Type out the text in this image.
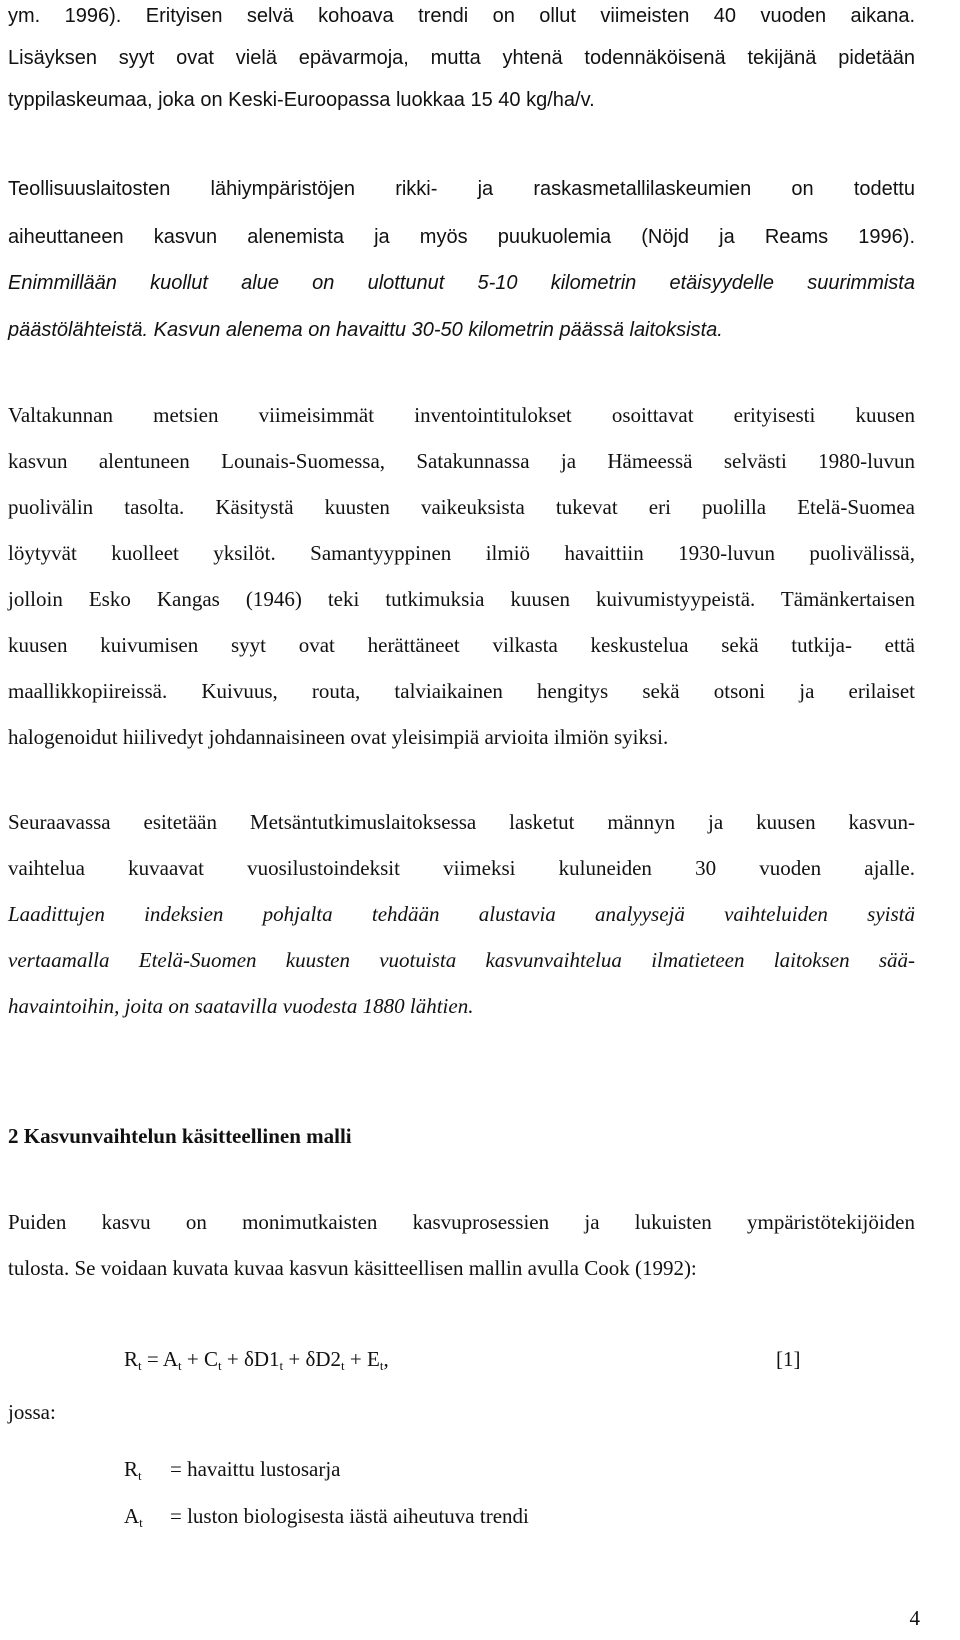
ym. 1996). Erityisen selvä kohoava trendi on ollut viimeisten 40 vuoden aikana.
Lisäyksen syyt ovat vielä epävarmoja, mutta yhtenä todennäköisenä tekijänä pidetään
typpilaskeumaa, joka on Keski-Euroopassa luokkaa 15 40 kg/ha/v.
Teollisuuslaitosten lähiympäristöjen rikki- ja raskasmetallilaskeumien on todettu
aiheuttaneen kasvun alenemista ja myös puukuolemia (Nöjd ja Reams 1996).
Enimmillään kuollut alue on ulottunut 5-10 kilometrin etäisyydelle suurimmista
päästölähteistä. Kasvun alenema on havaittu 30-50 kilometrin päässä laitoksista.
Valtakunnan metsien viimeisimmät inventointitulokset osoittavat erityisesti kuusen
kasvun alentuneen Lounais-Suomessa, Satakunnassa ja Hämeessä selvästi 1980-luvun
puolivälin tasolta. Käsitystä kuusten vaikeuksista tukevat eri puolilla Etelä-Suomea
löytyvät kuolleet yksilöt. Samantyyppinen ilmiö havaittiin 1930-luvun puolivälissä,
jolloin Esko Kangas (1946) teki tutkimuksia kuusen kuivumistyypeistä. Tämänkertaisen
kuusen kuivumisen syyt ovat herättäneet vilkasta keskustelua sekä tutkija- että
maallikkopiireissä. Kuivuus, routa, talviaikainen hengitys sekä otsoni ja erilaiset
halogenoidut hiilivedyt johdannaisineen ovat yleisimpiä arvioita ilmiön syiksi.
Seuraavassa esitetään Metsäntutkimuslaitoksessa lasketut männyn ja kuusen kasvun-
vaihtelua kuvaavat vuosilustoindeksit viimeksi kuluneiden 30 vuoden ajalle.
Laadittujen indeksien pohjalta tehdään alustavia analyysejä vaihteluiden syistä
vertaamalla Etelä-Suomen kuusten vuotuista kasvunvaihtelua ilmatieteen laitoksen sää-
havaintoihin, joita on saatavilla vuodesta 1880 lähtien.
2 Kasvunvaihtelun käsitteellinen malli
Puiden kasvu on monimutkaisten kasvuprosessien ja lukuisten ympäristötekijöiden
tulosta. Se voidaan kuvata kuvaa kasvun käsitteellisen mallin avulla Cook (1992):
$R_t = A_t + C_t + \delta D1_t + \delta D2_t + E_t$,	[1]
jossa:
$R_t$ = havaittu lustosarja
$A_t$ = luston biologisesta iästä aiheutuva trendi
4
